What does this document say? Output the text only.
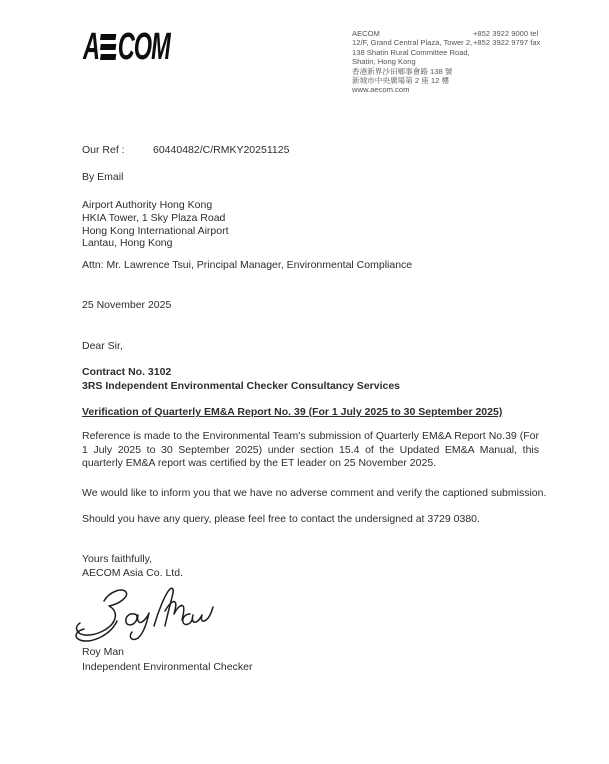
A COM	AECOM
12/F, Grand Central Plaza, Tower 2,
138 Shatin Rural Committee Road,
Shatin, Hong Kong
香港新界沙田鄉事會路 138 號
新城市中央廣場第 2 座 12 樓
www.aecom.com
+852 3922 9000 tel
+852 3922 9797 fax
Our Ref :	60440482/C/RMKY20251125
By Email
Airport Authority Hong Kong
HKIA Tower, 1 Sky Plaza Road
Hong Kong International Airport
Lantau, Hong Kong
Attn: Mr. Lawrence Tsui, Principal Manager, Environmental Compliance
25 November 2025
Dear Sir,
Contract No. 3102
3RS Independent Environmental Checker Consultancy Services
Verification of Quarterly EM&A Report No. 39 (For 1 July 2025 to 30 September 2025)
Reference is made to the Environmental Team's submission of Quarterly EM&A Report No.39 (For 1 July 2025 to 30 September 2025) under section 15.4 of the Updated EM&A Manual, this quarterly EM&A report was certified by the ET leader on 25 November 2025.
We would like to inform you that we have no adverse comment and verify the captioned submission.
Should you have any query, please feel free to contact the undersigned at 3729 0380.
Yours faithfully,
AECOM Asia Co. Ltd.
Roy Man
Independent Environmental Checker
